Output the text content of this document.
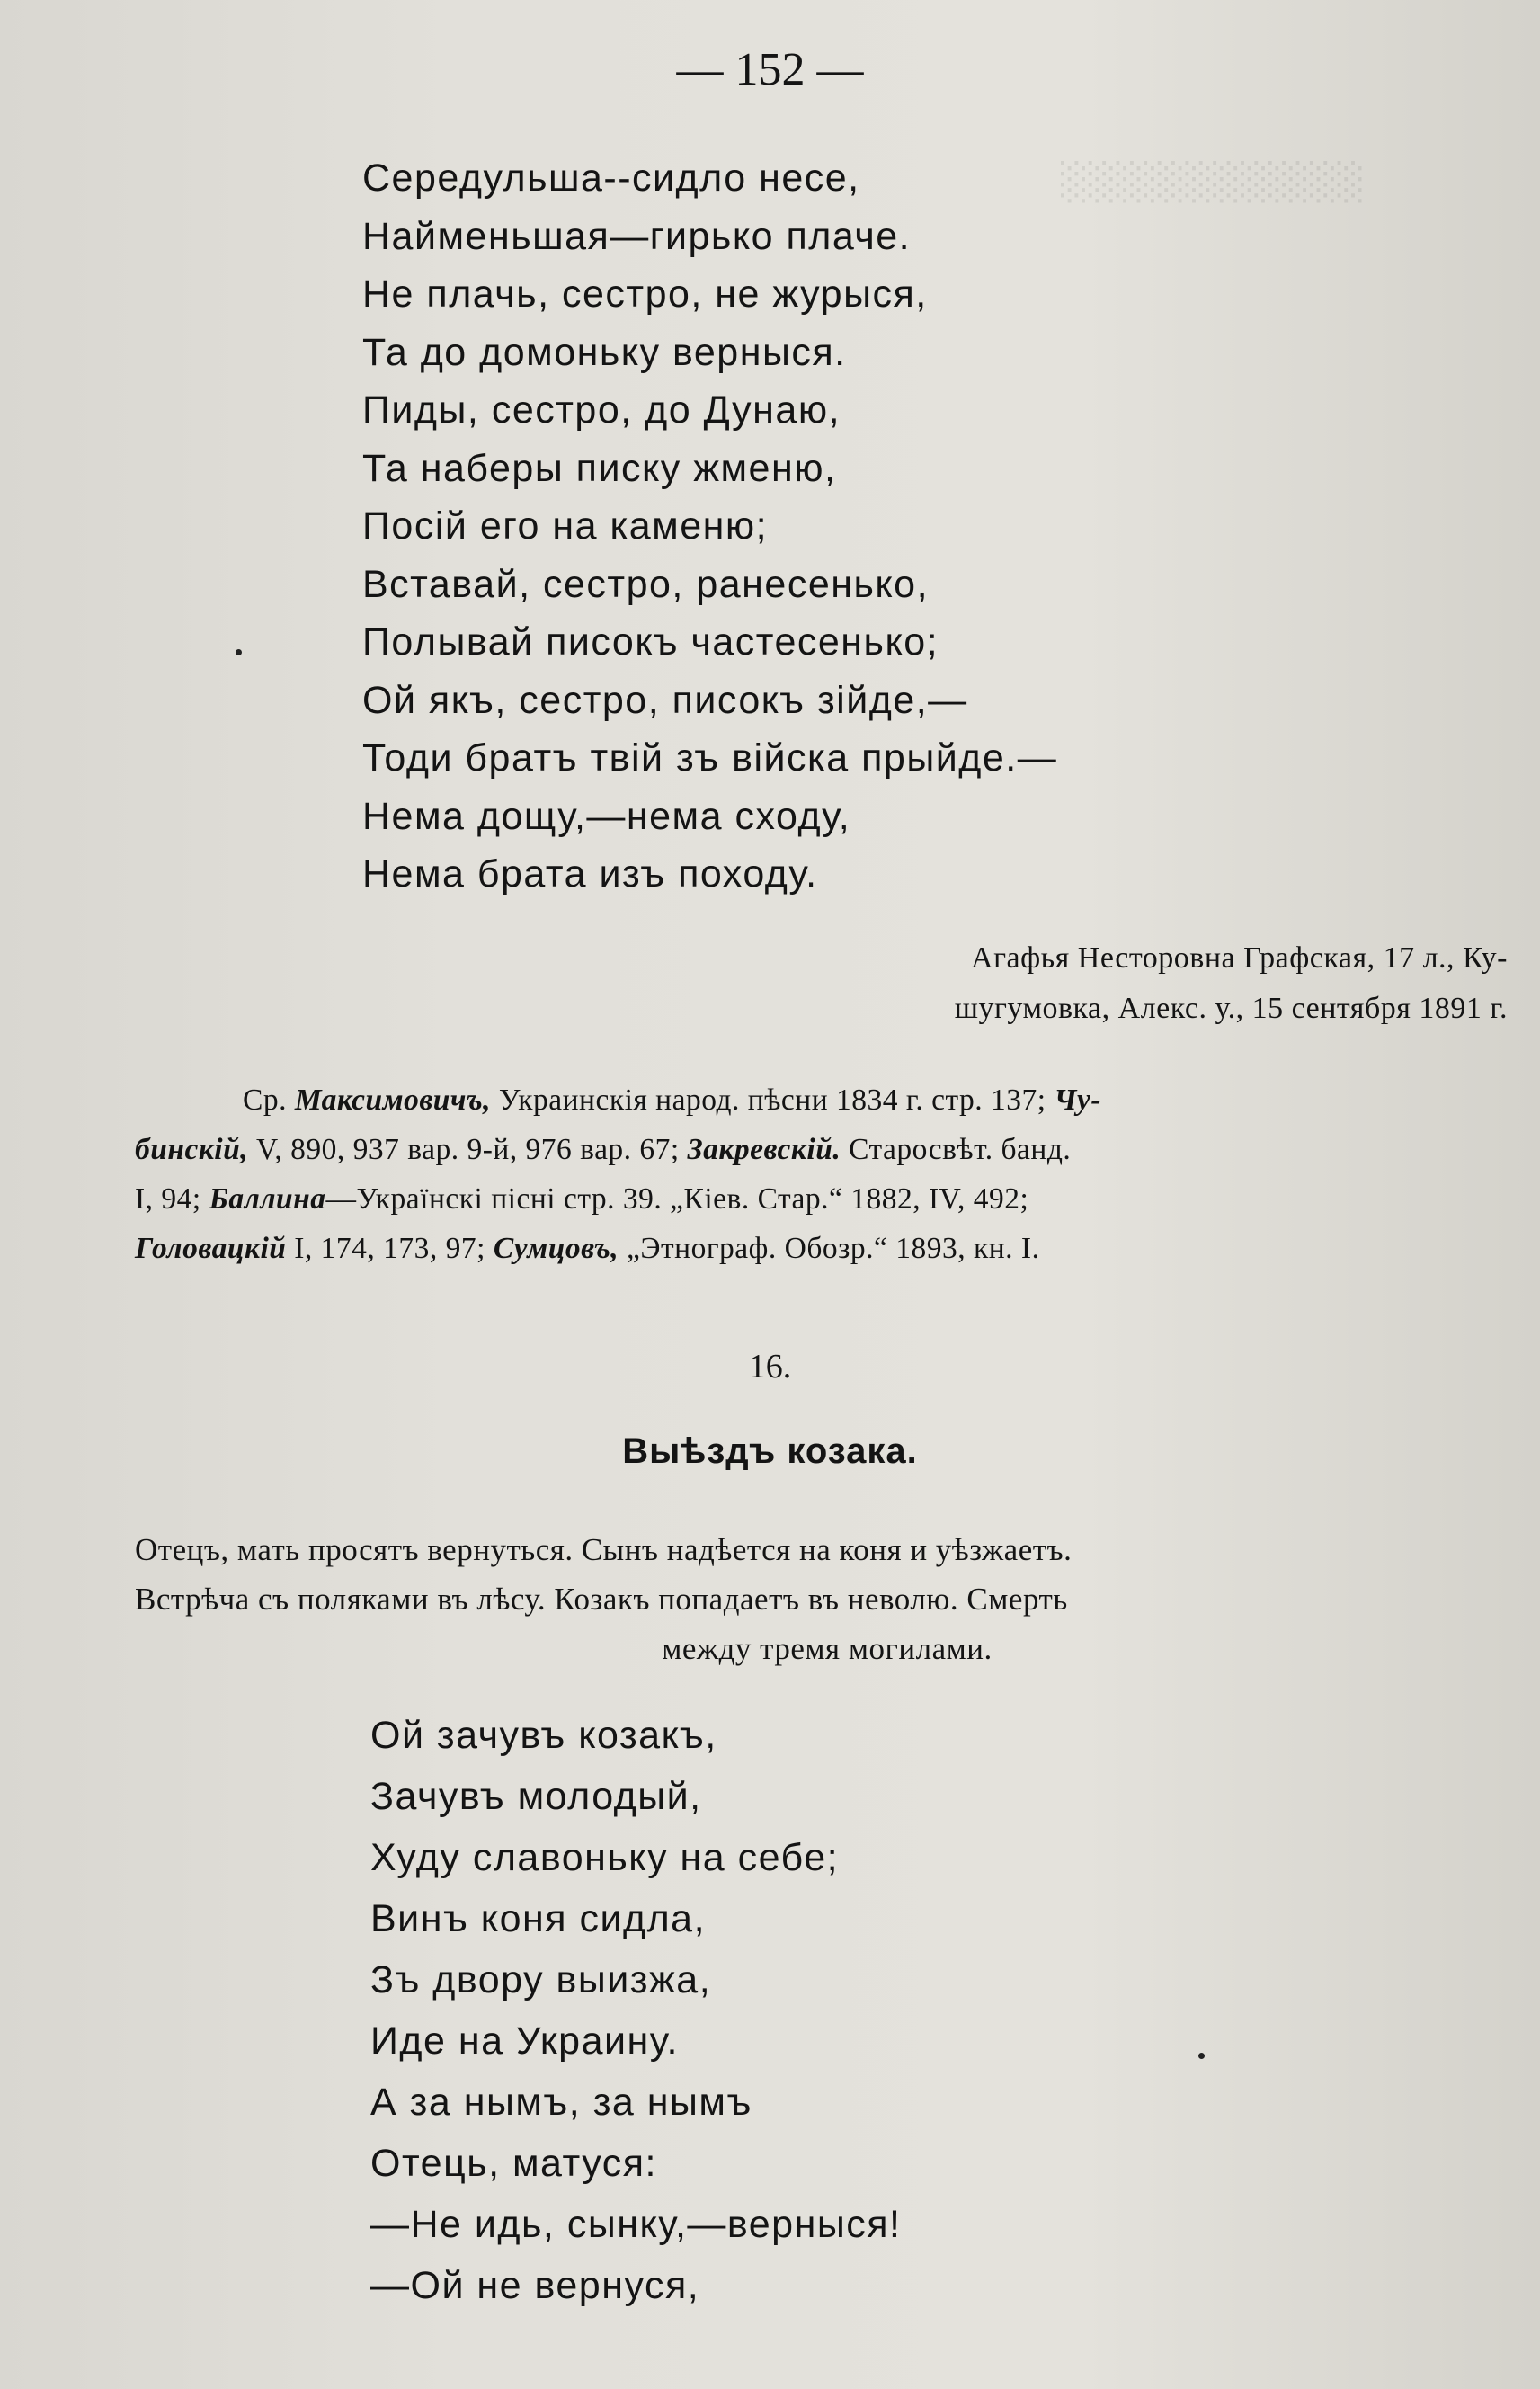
░░░░░░░░░░░
— 152 —
Середульша--сидло несе,
Найменьшая—гирько плаче.
Не плачь, сестро, не журыся,
Та до домоньку верныся.
Пиды, сестро, до Дунаю,
Та наберы писку жменю,
Посій его на каменю;
Вставай, сестро, ранесенько,
Полывай писокъ частесенько;
Ой якъ, сестро, писокъ зійде,—
Тоди братъ твій зъ війска прыйде.—
Нема дощу,—нема сходу,
Нема брата изъ походу.
Агафья Несторовна Графская, 17 л., Ку-
шугумовка, Алекс. у., 15 сентября 1891 г.
Ср. Максимовичъ, Украинскія народ. пѣсни 1834 г. стр. 137; Чу-
бинскій, V, 890, 937 вар. 9-й, 976 вар. 67; Закревскій. Старосвѣт. банд.
I, 94; Баллина—Українскі пісні стр. 39. „Кіев. Стар.“ 1882, IV, 492;
Головацкій I, 174, 173, 97; Сумцовъ, „Этнограф. Обозр.“ 1893, кн. I.
16.
Выѣздъ козака.
Отецъ, мать просятъ вернуться. Сынъ надѣется на коня и уѣзжаетъ.
Встрѣча съ поляками въ лѣсу. Козакъ попадаетъ въ неволю. Смерть
между тремя могилами.
Ой зачувъ козакъ,
Зачувъ молодый,
Худу славоньку на себе;
Винъ коня сидла,
Зъ двору выизжа,
Иде на Украину.
А за нымъ, за нымъ
Отець, матуся:
—Не идь, сынку,—верныся!
—Ой не вернуся,
